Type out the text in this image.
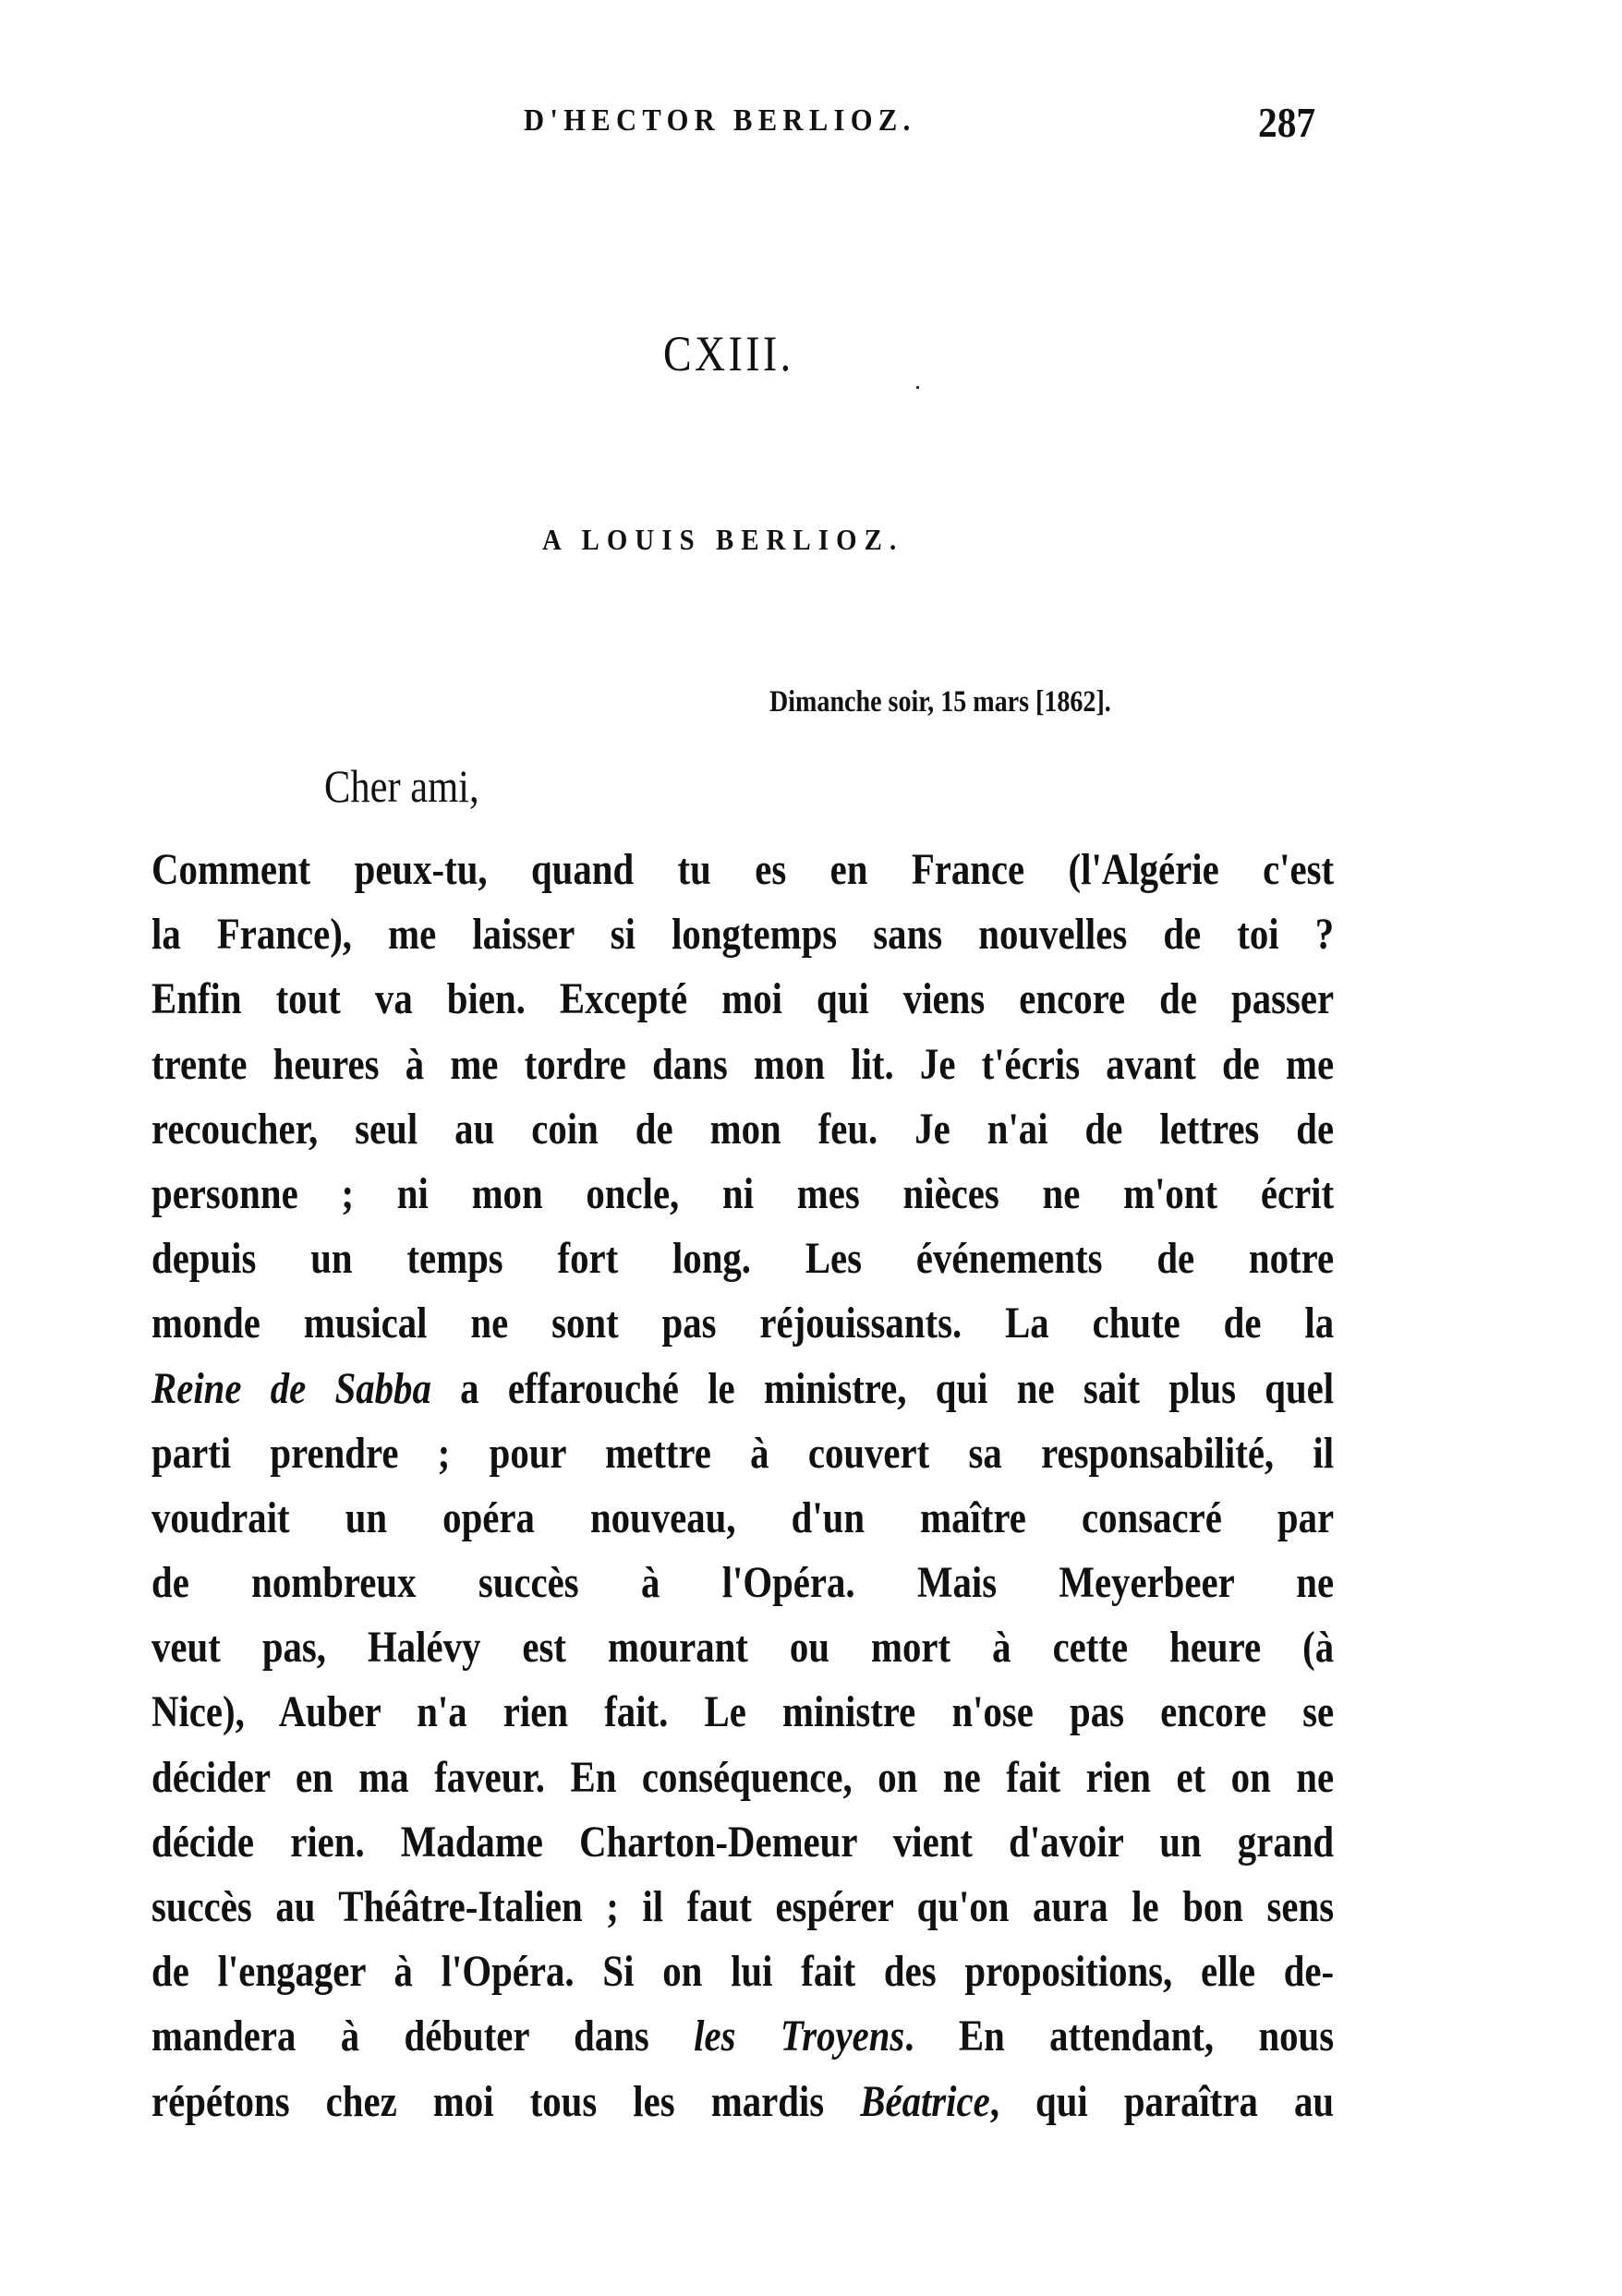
D'HECTOR BERLIOZ.	287
CXIII.
A LOUIS BERLIOZ.
Dimanche soir, 15 mars [1862].
Cher ami,
Comment peux-tu, quand tu es en France (l'Algérie c'est
la France), me laisser si longtemps sans nouvelles de toi ?
Enfin tout va bien. Excepté moi qui viens encore de passer
trente heures à me tordre dans mon lit. Je t'écris avant de me
recoucher, seul au coin de mon feu. Je n'ai de lettres de
personne ; ni mon oncle, ni mes nièces ne m'ont écrit
depuis un temps fort long. Les événements de notre
monde musical ne sont pas réjouissants. La chute de la
Reine de Sabba a effarouché le ministre, qui ne sait plus quel
parti prendre ; pour mettre à couvert sa responsabilité, il
voudrait un opéra nouveau, d'un maître consacré par
de nombreux succès à l'Opéra. Mais Meyerbeer ne
veut pas, Halévy est mourant ou mort à cette heure (à
Nice), Auber n'a rien fait. Le ministre n'ose pas encore se
décider en ma faveur. En conséquence, on ne fait rien et on ne
décide rien. Madame Charton-Demeur vient d'avoir un grand
succès au Théâtre-Italien ; il faut espérer qu'on aura le bon sens
de l'engager à l'Opéra. Si on lui fait des propositions, elle de-
mandera à débuter dans les Troyens. En attendant, nous
répétons chez moi tous les mardis Béatrice, qui paraîtra au
